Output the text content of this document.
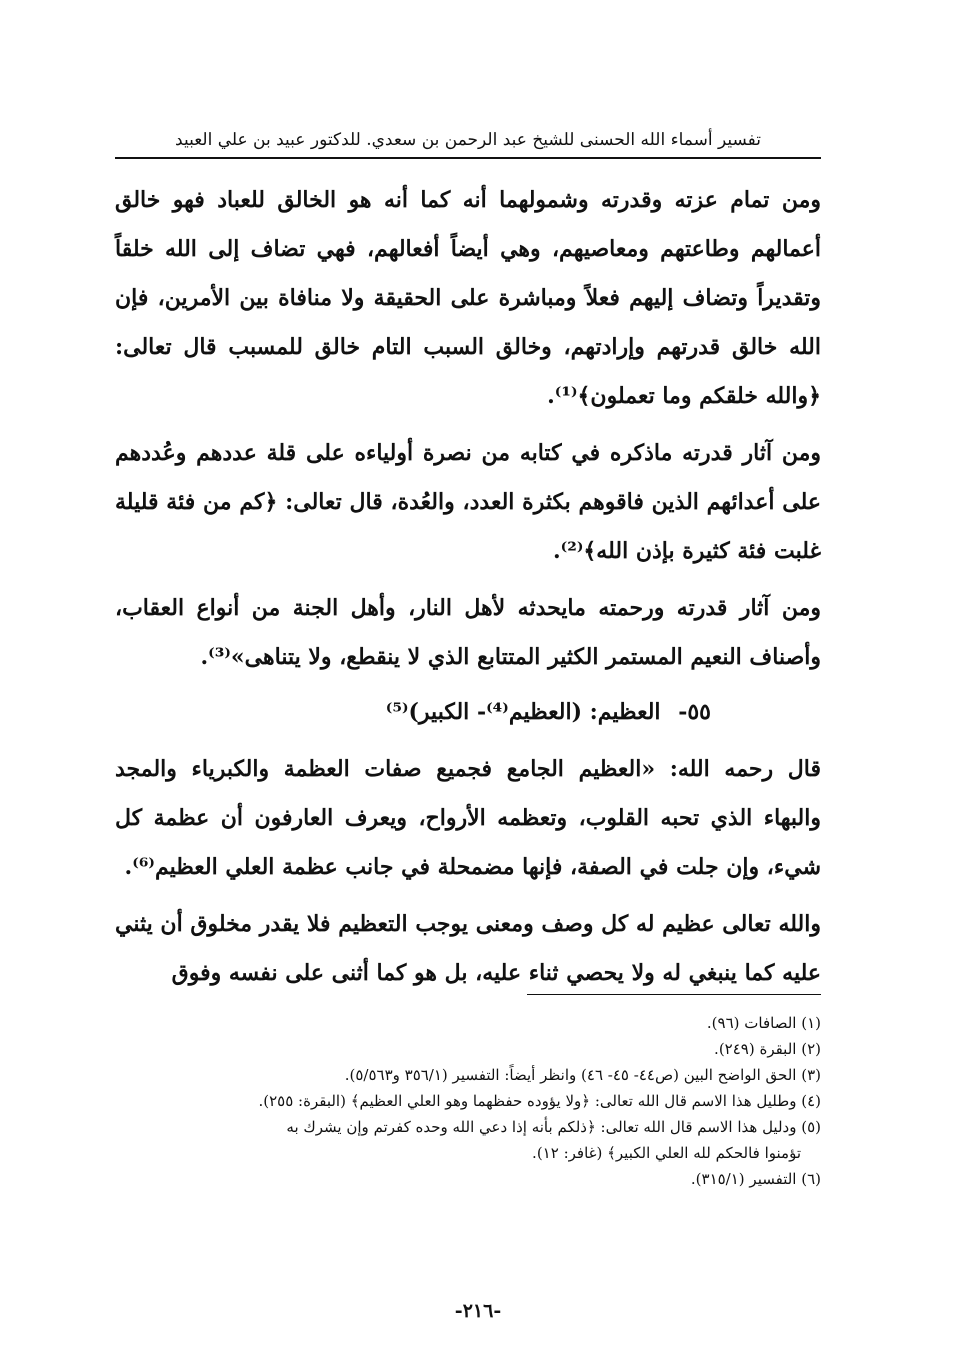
تفسير أسماء الله الحسنى للشيخ عبد الرحمن بن سعدي. للدكتور عبيد بن علي العبيد

ومن تمام عزته وقدرته وشمولهما أنه كما أنه هو الخالق للعباد فهو خالق أعمالهم وطاعتهم ومعاصيهم، وهي أيضاً أفعالهم، فهي تضاف إلى الله خلقاً وتقديراً وتضاف إليهم فعلاً ومباشرة على الحقيقة ولا منافاة بين الأمرين، فإن الله خالق قدرتهم وإرادتهم، وخالق السبب التام خالق للمسبب قال تعالى: ﴿والله خلقكم وما تعملون﴾⁽¹⁾.

ومن آثار قدرته ماذكره في كتابه من نصرة أولياءه على قلة عددهم وعُددهم على أعدائهم الذين فاقوهم بكثرة العدد، والعُدة، قال تعالى: ﴿كم من فئة قليلة غلبت فئة كثيرة بإذن الله﴾⁽²⁾.

ومن آثار قدرته ورحمته مايحدثه لأهل النار، وأهل الجنة من أنواع العقاب، وأصناف النعيم المستمر الكثير المتتابع الذي لا ينقطع، ولا يتناهى»⁽³⁾.

٥٥- العظيم: (العظيم⁽⁴⁾- الكبير)⁽⁵⁾

قال رحمه الله: «العظيم الجامع فجميع صفات العظمة والكبرياء والمجد والبهاء الذي تحبه القلوب، وتعظمه الأرواح، ويعرف العارفون أن عظمة كل شيء، وإن جلت في الصفة، فإنها مضمحلة في جانب عظمة العلي العظيم⁽⁶⁾.

والله تعالى عظيم له كل وصف ومعنى يوجب التعظيم فلا يقدر مخلوق أن يثني عليه كما ينبغي له ولا يحصي ثناء عليه، بل هو كما أثنى على نفسه وفوق

(١) الصافات (٩٦).

(٢) البقرة (٢٤٩).

(٣) الحق الواضح البين (ص٤٤- ٤٥- ٤٦) وانظر أيضاً: التفسير (٣٥٦/١ و٥/٥٦٣).

(٤) وطليل هذا الاسم قال الله تعالى: ﴿ولا يؤوده حفظهما وهو العلي العظيم﴾ (البقرة: ٢٥٥).

(٥) ودليل هذا الاسم قال الله تعالى: ﴿ذلكم بأنه إذا دعي الله وحده كفرتم وإن يشرك به

تؤمنوا فالحكم لله العلي الكبير﴾ (غافر: ١٢).

(٦) التفسير (٣١٥/١).

-٢١٦-
